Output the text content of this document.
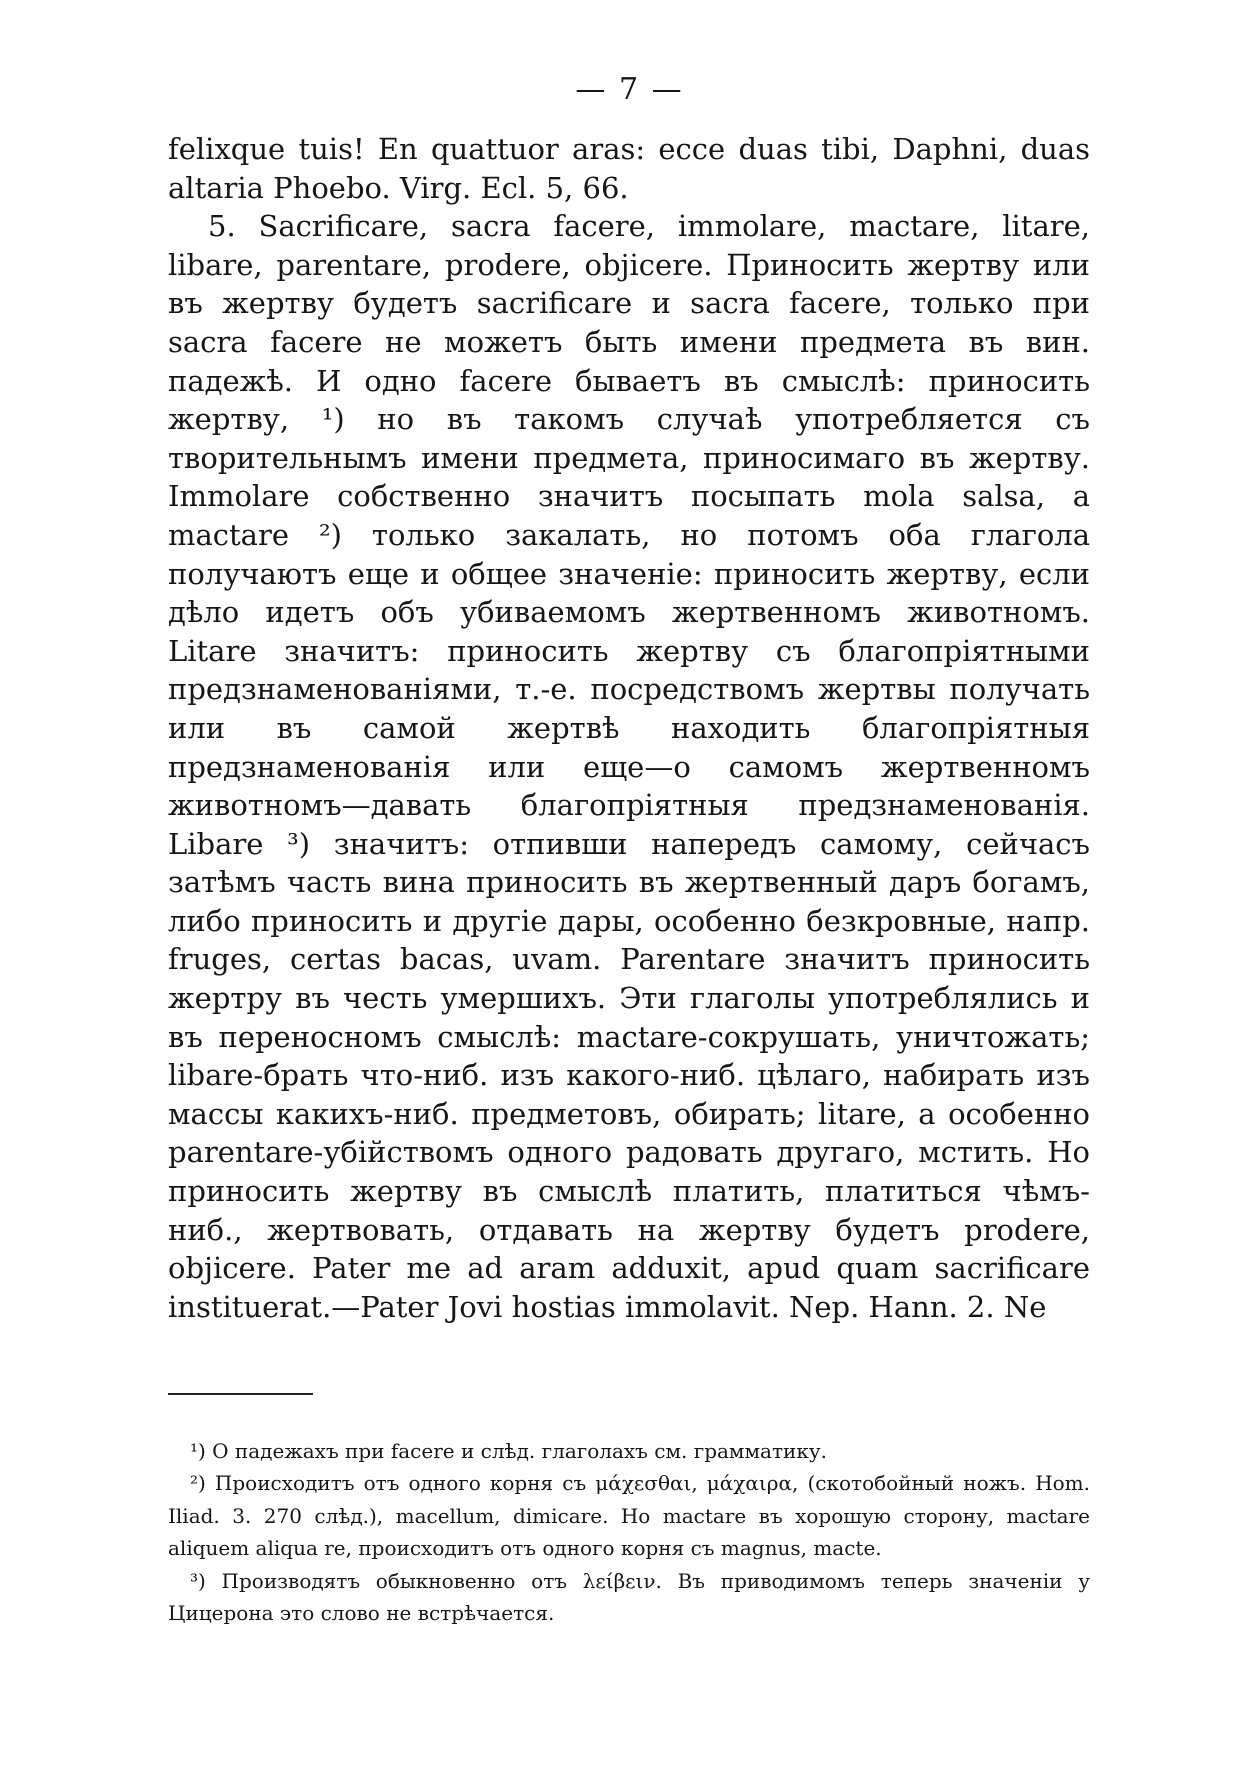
— 7 —

felixque tuis! En quattuor aras: ecce duas tibi, Daphni, duas altaria Phoebo. Virg. Ecl. 5, 66.

5. Sacrificare, sacra facere, immolare, mactare, litare, libare, parentare, prodere, objicere. Приносить жертву или въ жертву будетъ sacrificare и sacra facere, только при sacra facere не можетъ быть имени предмета въ вин. падежѣ. И одно facere бываетъ въ смыслѣ: приносить жертву, ¹) но въ такомъ случаѣ употребляется съ творительнымъ имени предмета, приносимаго въ жертву. Immolare собственно значитъ посыпать mola salsa, а mactare ²) только закалать, но потомъ оба глагола получаютъ еще и общее значенiе: приносить жертву, если дѣло идетъ объ убиваемомъ жертвенномъ животномъ. Litare значитъ: приносить жертву съ благопрiятными предзнаменованiями, т.-е. посредствомъ жертвы получать или въ самой жертвѣ находить благопрiятныя предзнаменованiя или еще—о самомъ жертвенномъ животномъ—давать благопрiятныя предзнаменованiя. Libare ³) значитъ: отпивши напередъ самому, сейчасъ затѣмъ часть вина приносить въ жертвенный даръ богамъ, либо приносить и другiе дары, особенно безкровные, напр. fruges, certas bacas, uvam. Parentare значитъ приносить жертру въ честь умершихъ. Эти глаголы употреблялись и въ переносномъ смыслѣ: mactare-сокрушать, уничтожать; libare-брать что-ниб. изъ какого-ниб. цѣлаго, набирать изъ массы какихъ-ниб. предметовъ, обирать; litare, а особенно parentare-убiйствомъ одного радовать другаго, мстить. Но приносить жертву въ смыслѣ платить, платиться чѣмъ-ниб., жертвовать, отдавать на жертву будетъ prodere, objicere. Pater me ad aram adduxit, apud quam sacrificare instituerat.—Pater Jovi hostias immolavit. Nep. Hann. 2. Ne

¹) О падежахъ при facere и слѣд. глаголахъ см. грамматику.

²) Происходитъ отъ одного корня съ μάχεσθαι, μάχαιρα, (скотобойный ножъ. Hom. Iliad. 3. 270 слѣд.), macellum, dimicare. Но mactare въ хорошую сторону, mactare aliquem aliqua re, происходитъ отъ одного корня съ magnus, macte.

³) Производятъ обыкновенно отъ λείβειν. Въ приводимомъ теперь значенiи у Цицерона это слово не встрѣчается.
